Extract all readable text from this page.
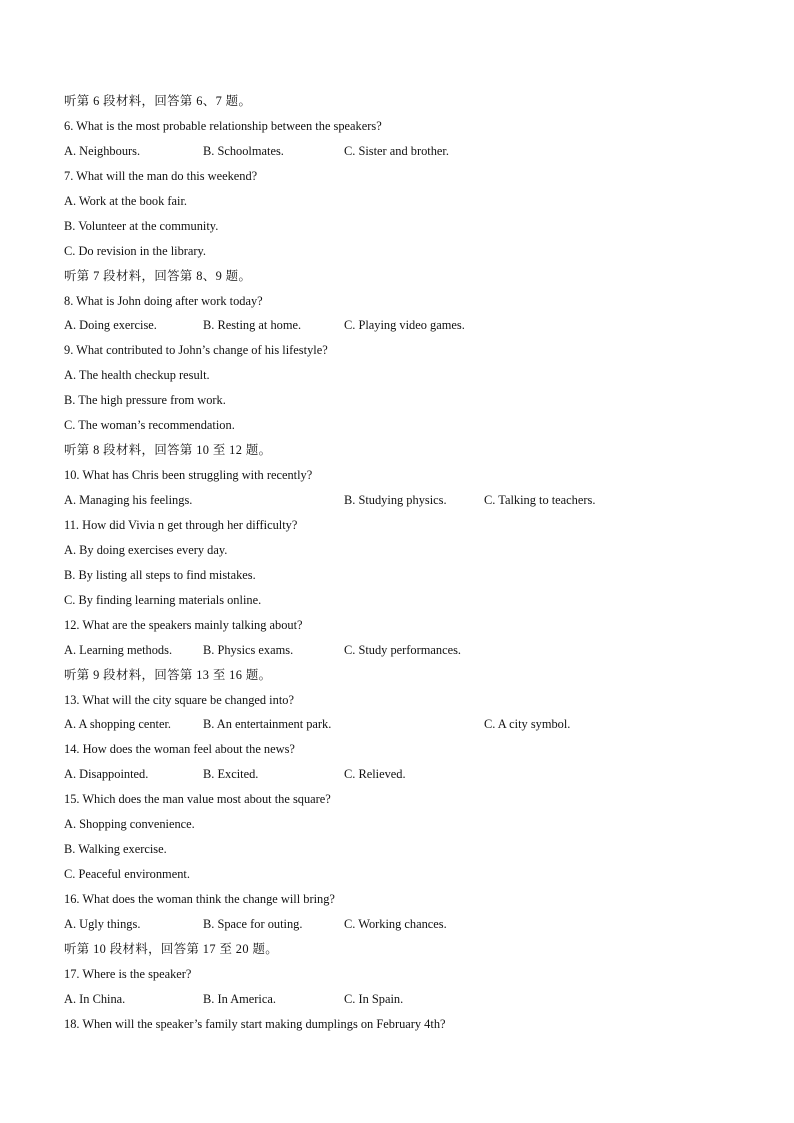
听第 6 段材料，回答第 6、7 题。
6. What is the most probable relationship between the speakers?
A. Neighbours.	B. Schoolmates.	C. Sister and brother.
7. What will the man do this weekend?
A. Work at the book fair.
B. Volunteer at the community.
C. Do revision in the library.
听第 7 段材料，回答第 8、9 题。
8. What is John doing after work today?
A. Doing exercise.	B. Resting at home.	C. Playing video games.
9. What contributed to John’s change of his lifestyle?
A. The health checkup result.
B. The high pressure from work.
C. The woman’s recommendation.
听第 8 段材料，回答第 10 至 12 题。
10. What has Chris been struggling with recently?
A. Managing his feelings.	B. Studying physics.	C. Talking to teachers.
11. How did Vivia n get through her difficulty?
A. By doing exercises every day.
B. By listing all steps to find mistakes.
C. By finding learning materials online.
12. What are the speakers mainly talking about?
A. Learning methods. B. Physics exams.	C. Study performances.
听第 9 段材料，回答第 13 至 16 题。
13. What will the city square be changed into?
A. A shopping center.	B. An entertainment park.	C. A city symbol.
14. How does the woman feel about the news?
A. Disappointed.	B. Excited.	C. Relieved.
15. Which does the man value most about the square?
A. Shopping convenience.
B. Walking exercise.
C. Peaceful environment.
16. What does the woman think the change will bring?
A. Ugly things.	B. Space for outing.	C. Working chances.
听第 10 段材料，回答第 17 至 20 题。
17. Where is the speaker?
A. In China.	B. In America.	C. In Spain.
18. When will the speaker’s family start making dumplings on February 4th?
